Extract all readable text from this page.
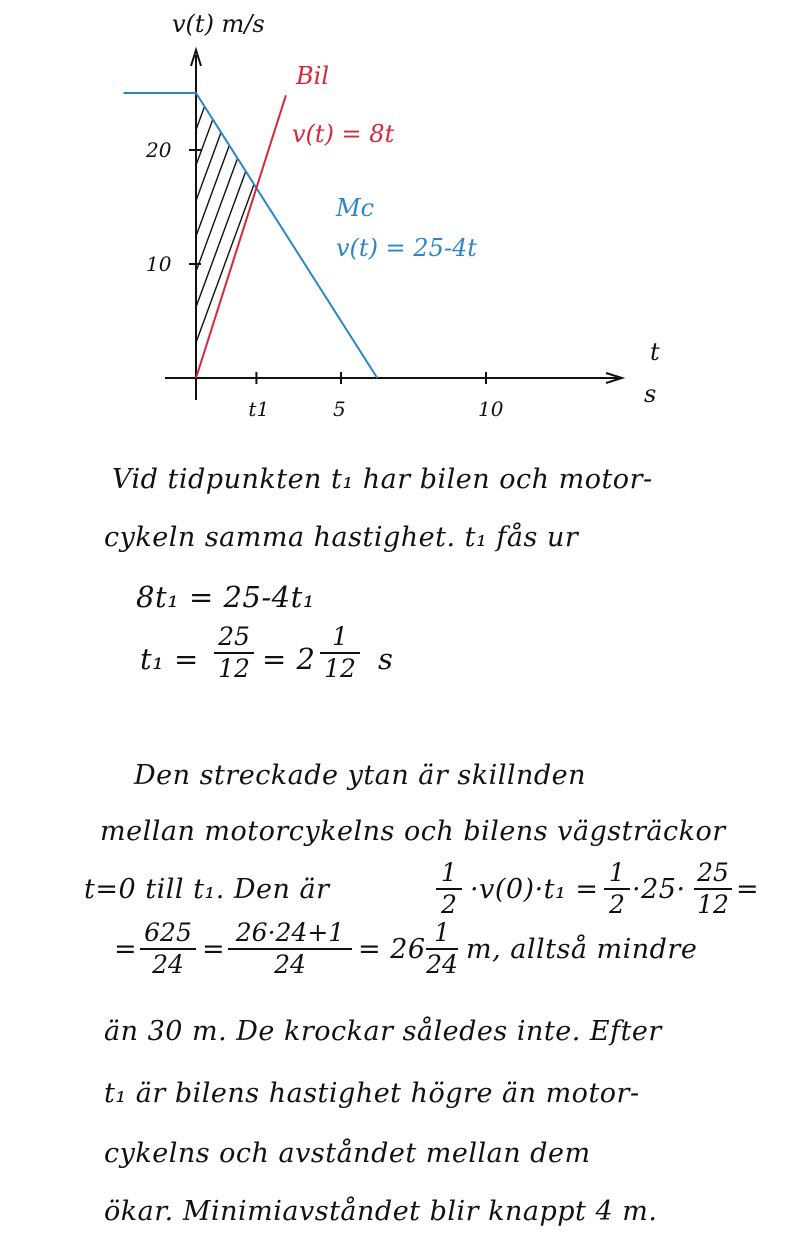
t1	5	10
10
20
v(t) m/s
t
s
Bil
v(t) = 8t
Mc
v(t) = 25-4t
Vid tidpunkten t₁ har bilen och motor-
cykeln samma hastighet. t₁ fås ur
8t₁ = 25-4t₁
$t_1 = \frac{25}{12} = 2 \frac{1}{12}$ s
Den streckade ytan är skillnden
mellan motorcykelns och bilens vägsträckor
t=0 till t₁. Den är	$\frac{1}{2} \cdot v(0)\cdot t_1 = \frac{1}{2} \cdot 25\cdot \frac{25}{12}$ =
= $\frac{625}{24} = \frac{26\cdot 24+1}{24} = 26 \frac{1}{24} m$, alltså mindre
än 30 m. De krockar således inte. Efter
t₁ är bilens hastighet högre än motor-
cykelns och avståndet mellan dem
ökar. Minimiavståndet blir knappt 4 m.
